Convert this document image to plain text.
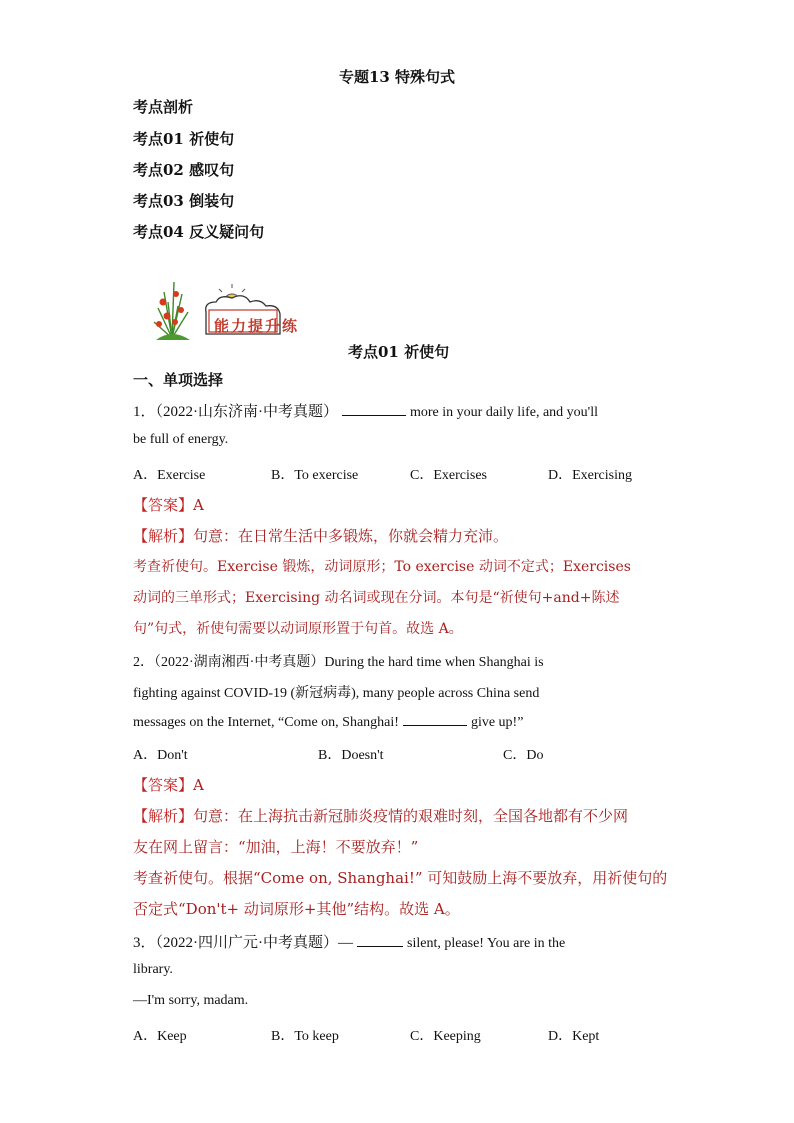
专题13 特殊句式
考点剖析
考点01 祈使句
考点02 感叹句
考点03 倒装句
考点04 反义疑问句
能力提升练
考点01 祈使句
一、单项选择
1．（2022·山东济南·中考真题）	more in your daily life, and you'll
be full of energy.
A．Exercise	B．To exercise	C．Exercises	D．Exercising
【答案】A
【解析】句意：在日常生活中多锻炼，你就会精力充沛。
考查祈使句。Exercise 锻炼，动词原形；To exercise 动词不定式；Exercises
动词的三单形式；Exercising 动名词或现在分词。本句是“祈使句+and+陈述
句”句式，祈使句需要以动词原形置于句首。故选 A。
2．（2022·湖南湘西·中考真题）During the hard time when Shanghai is
fighting against COVID-19 (新冠病毒), many people across China send
messages on the Internet, “Come on, Shanghai!	give up!”
A．Don't	B．Doesn't	C．Do
【答案】A
【解析】句意：在上海抗击新冠肺炎疫情的艰难时刻，全国各地都有不少网
友在网上留言：“加油，上海！不要放弃！”
考查祈使句。根据“Come on, Shanghai!” 可知鼓励上海不要放弃，用祈使句的
否定式“Don't+ 动词原形+其他”结构。故选 A。
3．（2022·四川广元·中考真题）—	silent, please! You are in the
library.
—I'm sorry, madam.
A．Keep	B．To keep	C．Keeping	D．Kept
